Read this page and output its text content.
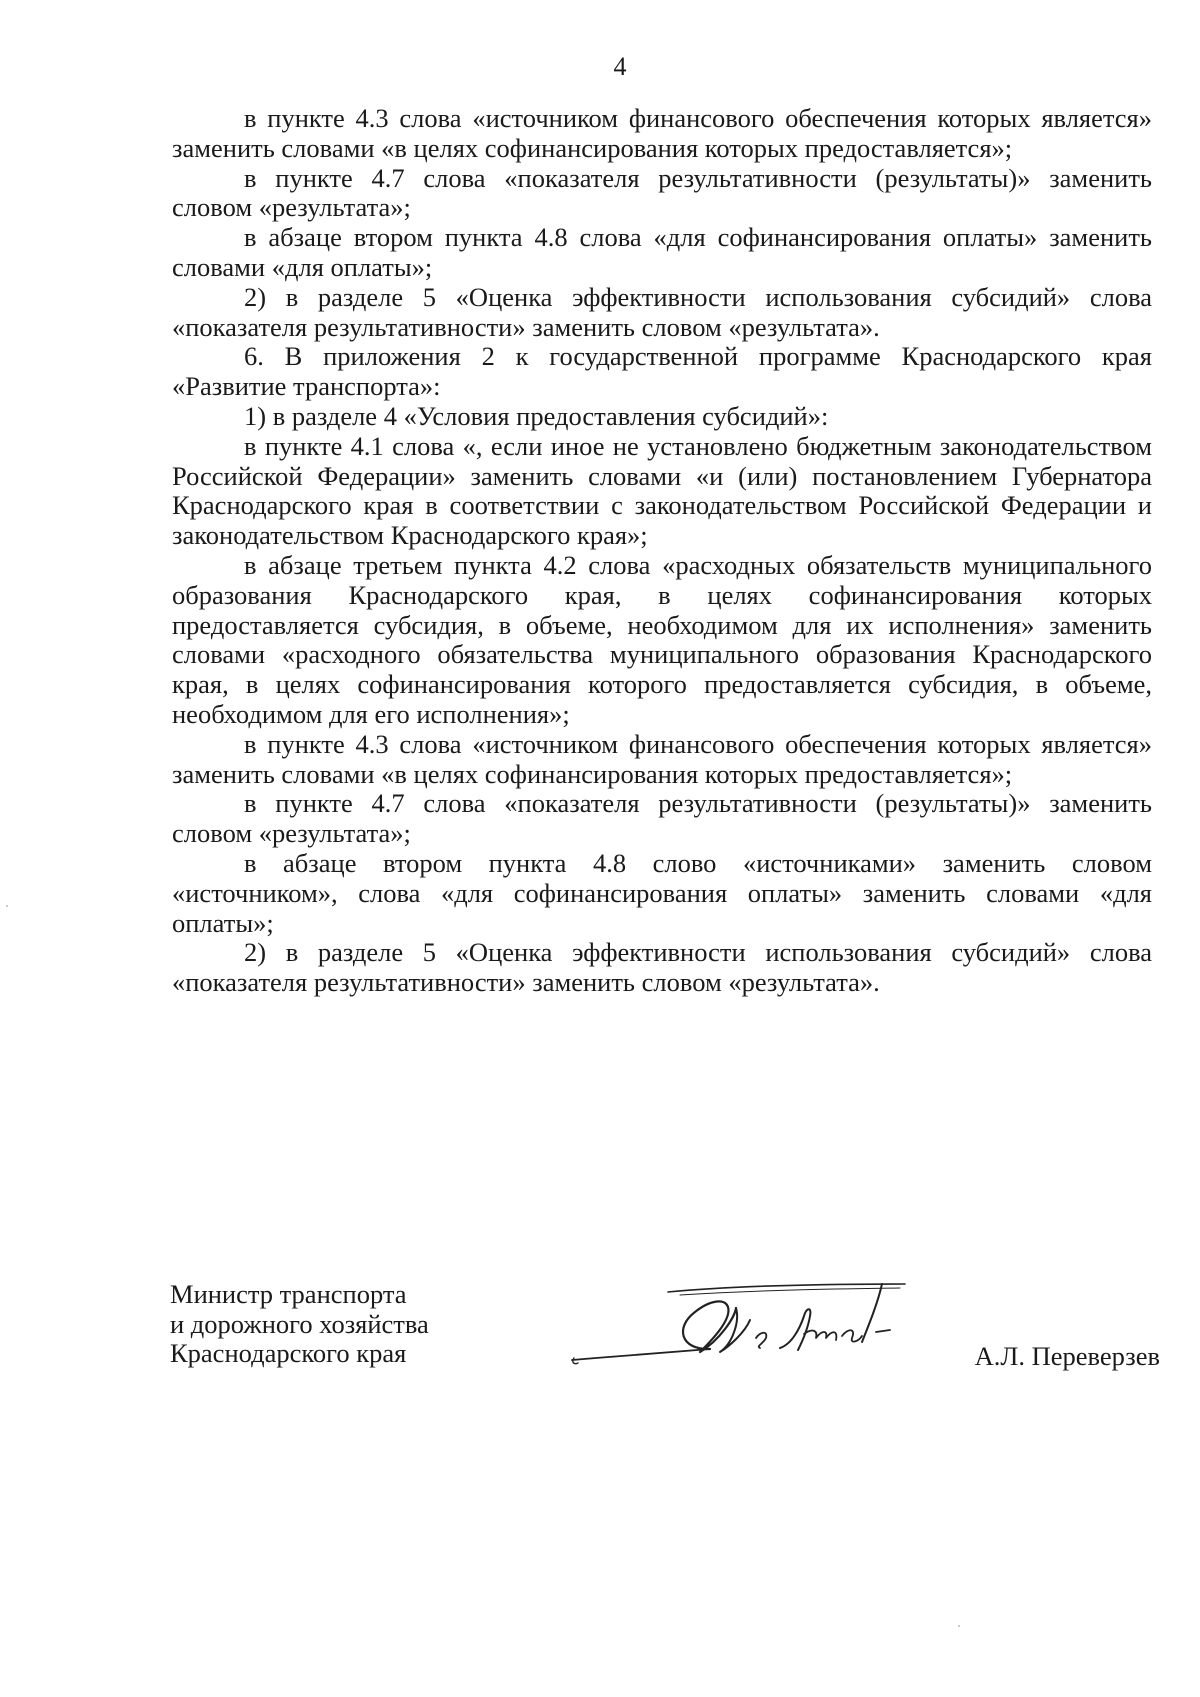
4

в пункте 4.3 слова «источником финансового обеспечения которых является» заменить словами «в целях софинансирования которых предоставляется»;

в пункте 4.7 слова «показателя результативности (результаты)» заменить словом «результата»;

в абзаце втором пункта 4.8 слова «для софинансирования оплаты» заменить словами «для оплаты»;

2) в разделе 5 «Оценка эффективности использования субсидий» слова «показателя результативности» заменить словом «результата».

6. В приложения 2 к государственной программе Краснодарского края «Развитие транспорта»:

1) в разделе 4 «Условия предоставления субсидий»:

в пункте 4.1 слова «, если иное не установлено бюджетным законодательством Российской Федерации» заменить словами «и (или) постановлением Губернатора Краснодарского края в соответствии с законодательством Российской Федерации и законодательством Краснодарского края»;

в абзаце третьем пункта 4.2 слова «расходных обязательств муниципального образования Краснодарского края, в целях софинансирования которых предоставляется субсидия, в объеме, необходимом для их исполнения» заменить словами «расходного обязательства муниципального образования Краснодарского края, в целях софинансирования которого предоставляется субсидия, в объеме, необходимом для его исполнения»;

в пункте 4.3 слова «источником финансового обеспечения которых является» заменить словами «в целях софинансирования которых предоставляется»;

в пункте 4.7 слова «показателя результативности (результаты)» заменить словом «результата»;

в абзаце втором пункта 4.8 слово «источниками» заменить словом «источником», слова «для софинансирования оплаты» заменить словами «для оплаты»;

2) в разделе 5 «Оценка эффективности использования субсидий» слова «показателя результативности» заменить словом «результата».

Министр транспорта
и дорожного хозяйства
Краснодарского края	А.Л. Переверзев
